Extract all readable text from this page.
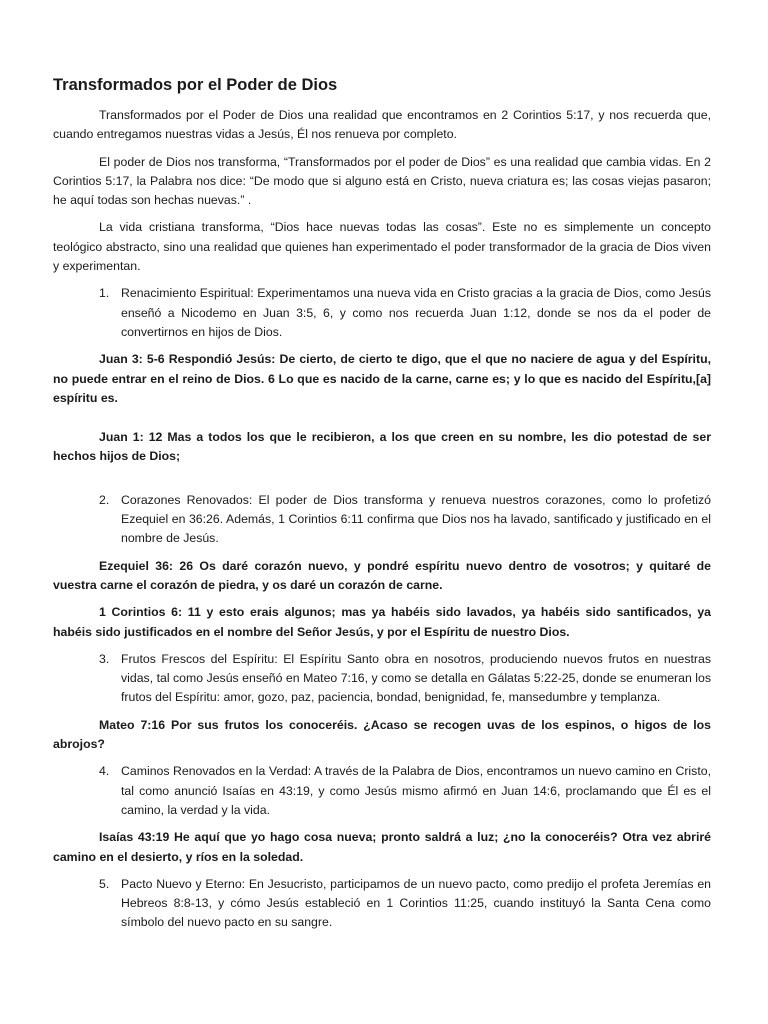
Transformados por el Poder de Dios

Transformados por el Poder de Dios una realidad que encontramos en 2 Corintios 5:17, y nos recuerda que, cuando entregamos nuestras vidas a Jesús, Él nos renueva por completo.

El poder de Dios nos transforma, “Transformados por el poder de Dios” es una realidad que cambia vidas. En 2 Corintios 5:17, la Palabra nos dice: “De modo que si alguno está en Cristo, nueva criatura es; las cosas viejas pasaron; he aquí todas son hechas nuevas.” .

La vida cristiana transforma, “Dios hace nuevas todas las cosas”. Este no es simplemente un concepto teológico abstracto, sino una realidad que quienes han experimentado el poder transformador de la gracia de Dios viven y experimentan.

1. Renacimiento Espiritual: Experimentamos una nueva vida en Cristo gracias a la gracia de Dios, como Jesús enseñó a Nicodemo en Juan 3:5, 6, y como nos recuerda Juan 1:12, donde se nos da el poder de convertirnos en hijos de Dios.

Juan 3: 5-6 Respondió Jesús: De cierto, de cierto te digo, que el que no naciere de agua y del Espíritu, no puede entrar en el reino de Dios. 6 Lo que es nacido de la carne, carne es; y lo que es nacido del Espíritu,[a] espíritu es.

Juan 1: 12 Mas a todos los que le recibieron, a los que creen en su nombre, les dio potestad de ser hechos hijos de Dios;

2. Corazones Renovados: El poder de Dios transforma y renueva nuestros corazones, como lo profetizó Ezequiel en 36:26. Además, 1 Corintios 6:11 confirma que Dios nos ha lavado, santificado y justificado en el nombre de Jesús.

Ezequiel 36: 26 Os daré corazón nuevo, y pondré espíritu nuevo dentro de vosotros; y quitaré de vuestra carne el corazón de piedra, y os daré un corazón de carne.

1 Corintios 6: 11 y esto erais algunos; mas ya habéis sido lavados, ya habéis sido santificados, ya habéis sido justificados en el nombre del Señor Jesús, y por el Espíritu de nuestro Dios.

3. Frutos Frescos del Espíritu: El Espíritu Santo obra en nosotros, produciendo nuevos frutos en nuestras vidas, tal como Jesús enseñó en Mateo 7:16, y como se detalla en Gálatas 5:22-25, donde se enumeran los frutos del Espíritu: amor, gozo, paz, paciencia, bondad, benignidad, fe, mansedumbre y templanza.

Mateo 7:16 Por sus frutos los conoceréis. ¿Acaso se recogen uvas de los espinos, o higos de los abrojos?

4. Caminos Renovados en la Verdad: A través de la Palabra de Dios, encontramos un nuevo camino en Cristo, tal como anunció Isaías en 43:19, y como Jesús mismo afirmó en Juan 14:6, proclamando que Él es el camino, la verdad y la vida.

Isaías 43:19 He aquí que yo hago cosa nueva; pronto saldrá a luz; ¿no la conoceréis? Otra vez abriré camino en el desierto, y ríos en la soledad.

5. Pacto Nuevo y Eterno: En Jesucristo, participamos de un nuevo pacto, como predijo el profeta Jeremías en Hebreos 8:8-13, y cómo Jesús estableció en 1 Corintios 11:25, cuando instituyó la Santa Cena como símbolo del nuevo pacto en su sangre.
